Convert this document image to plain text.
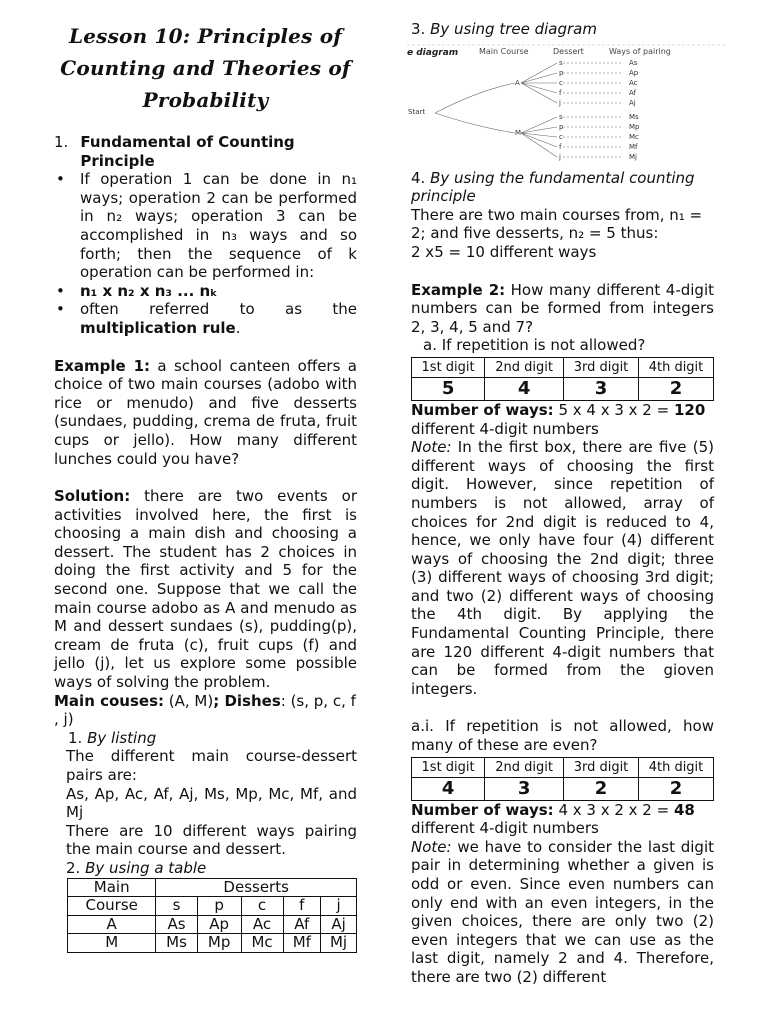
Lesson 10: Principles of
Counting and Theories of
Probability
1. Fundamental of Counting Principle
• If operation 1 can be done in n₁ ways; operation 2 can be performed in n₂ ways; operation 3 can be accomplished in n₃ ways and so forth; then the sequence of k operation can be performed in:
• n₁ x n₂ x n₃ ... nₖ
• often referred to as the multiplication rule.

Example 1: a school canteen offers a choice of two main courses (adobo with rice or menudo) and five desserts (sundaes, pudding, crema de fruta, fruit cups or jello). How many different lunches could you have?

Solution: there are two events or activities involved here, the first is choosing a main dish and choosing a dessert. The student has 2 choices in doing the first activity and 5 for the second one. Suppose that we call the main course adobo as A and menudo as M and dessert sundaes (s), pudding(p), cream de fruta (c), fruit cups (f) and jello (j), let us explore some possible ways of solving the problem.

Main couses: (A, M); Dishes: (s, p, c, f , j)

1. By listing

The different main course-dessert pairs are:

As, Ap, Ac, Af, Aj, Ms, Mp, Mc, Mf, and Mj

There are 10 different ways pairing the main course and dessert.

2. By using a table
Main	Desserts				
Course	s	p	c	f	j
A	As	Ap	Ac	Af	Aj
M	Ms	Mp	Mc	Mf	Mj
3. By using tree diagram
e diagram	Main Course	Dessert	Ways of pairing
Start
A
M
s
p
c
f
j
s
p
c
f
j
As
Ap
Ac
Af
Aj
Ms
Mp
Mc
Mf
Mj
4. By using the fundamental counting principle

There are two main courses from, n₁ = 2; and five desserts, n₂ = 5 thus:

2 x5 = 10 different ways

Example 2: How many different 4-digit numbers can be formed from integers 2, 3, 4, 5 and 7?

a. If repetition is not allowed?

1st digit	2nd digit	3rd digit	4th digit
5	4	3	2

Number of ways: 5 x 4 x 3 x 2 = 120

different 4-digit numbers

Note: In the first box, there are five (5) different ways of choosing the first digit. However, since repetition of numbers is not allowed, array of choices for 2nd digit is reduced to 4, hence, we only have four (4) different ways of choosing the 2nd digit; three (3) different ways of choosing 3rd digit; and two (2) different ways of choosing the 4th digit. By applying the Fundamental Counting Principle, there are 120 different 4-digit numbers that can be formed from the gioven integers.

a.i. If repetition is not allowed, how many of these are even?

1st digit	2nd digit	3rd digit	4th digit
4	3	2	2

Number of ways: 4 x 3 x 2 x 2 = 48

different 4-digit numbers

Note: we have to consider the last digit pair in determining whether a given is odd or even. Since even numbers can only end with an even integers, in the given choices, there are only two (2) even integers that we can use as the last digit, namely 2 and 4. Therefore, there are two (2) different
